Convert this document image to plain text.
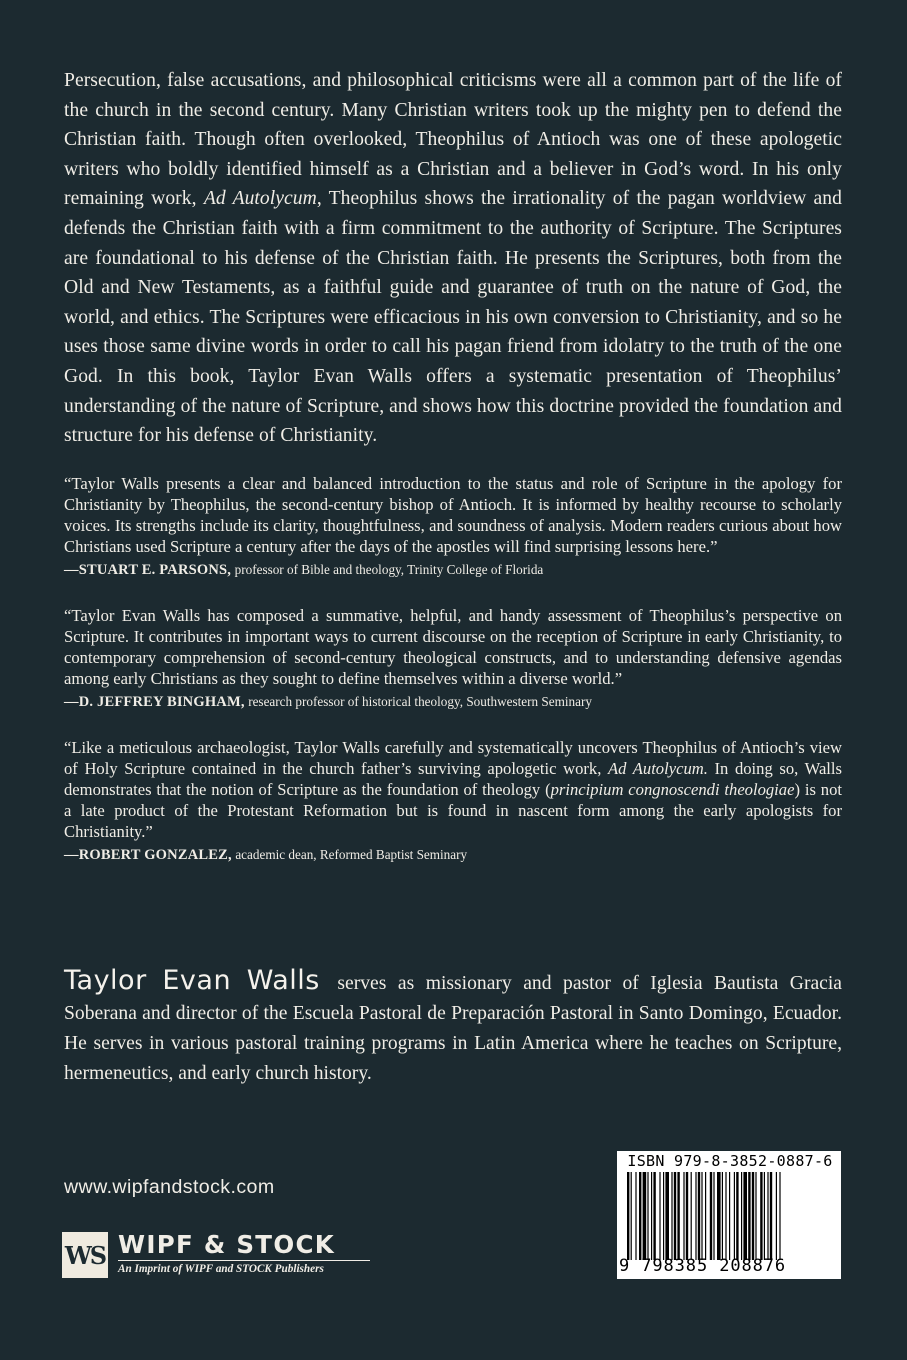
Persecution, false accusations, and philosophical criticisms were all a common part of the life of the church in the second century. Many Christian writers took up the mighty pen to defend the Christian faith. Though often overlooked, Theophilus of Antioch was one of these apologetic writers who boldly identified himself as a Christian and a believer in God’s word. In his only remaining work, Ad Autolycum, Theophilus shows the irrationality of the pagan worldview and defends the Christian faith with a firm commitment to the authority of Scripture. The Scriptures are foundational to his defense of the Christian faith. He presents the Scriptures, both from the Old and New Testaments, as a faithful guide and guarantee of truth on the nature of God, the world, and ethics. The Scriptures were efficacious in his own conversion to Christianity, and so he uses those same divine words in order to call his pagan friend from idolatry to the truth of the one God. In this book, Taylor Evan Walls offers a systematic presentation of Theophilus’ understanding of the nature of Scripture, and shows how this doctrine provided the foundation and structure for his defense of Christianity.

“Taylor Walls presents a clear and balanced introduction to the status and role of Scripture in the apology for Christianity by Theophilus, the second-century bishop of Antioch. It is informed by healthy recourse to scholarly voices. Its strengths include its clarity, thoughtfulness, and soundness of analysis. Modern readers curious about how Christians used Scripture a century after the days of the apostles will find surprising lessons here.”

—STUART E. PARSONS, professor of Bible and theology, Trinity College of Florida

“Taylor Evan Walls has composed a summative, helpful, and handy assessment of Theophilus’s perspective on Scripture. It contributes in important ways to current discourse on the reception of Scripture in early Christianity, to contemporary comprehension of second-century theological constructs, and to understanding defensive agendas among early Christians as they sought to define themselves within a diverse world.”

—D. JEFFREY BINGHAM, research professor of historical theology, Southwestern Seminary

“Like a meticulous archaeologist, Taylor Walls carefully and systematically uncovers Theophilus of Antioch’s view of Holy Scripture contained in the church father’s surviving apologetic work, Ad Autolycum. In doing so, Walls demonstrates that the notion of Scripture as the foundation of theology (principium congnoscendi theologiae) is not a late product of the Protestant Reformation but is found in nascent form among the early apologists for Christianity.”

—ROBERT GONZALEZ, academic dean, Reformed Baptist Seminary

Taylor Evan Walls serves as missionary and pastor of Iglesia Bautista Gracia Soberana and director of the Escuela Pastoral de Preparación Pastoral in Santo Domingo, Ecuador. He serves in various pastoral training programs in Latin America where he teaches on Scripture, hermeneutics, and early church history.

www.wipfandstock.com
WS WIPF & STOCK
An Imprint of WIPF and STOCK Publishers
ISBN 979-8-3852-0887-6
9 798385 208876
